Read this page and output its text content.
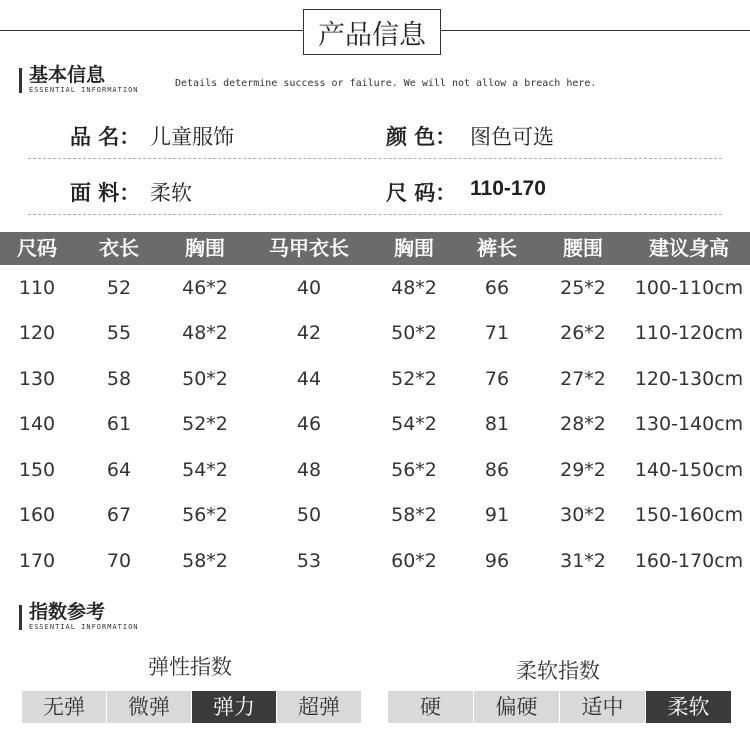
产品信息
基本信息
ESSENTIAL INFORMATION
Details determine success or failure. We will not allow a breach here.
品 名： 儿童服饰	颜 色： 图色可选
面 料： 柔软	尺 码： 110-170
尺码	衣长	胸围	马甲衣长	胸围	裤长	腰围	建议身高
110	52	46*2	40	48*2	66	25*2	100-110cm
120	55	48*2	42	50*2	71	26*2	110-120cm
130	58	50*2	44	52*2	76	27*2	120-130cm
140	61	52*2	46	54*2	81	28*2	130-140cm
150	64	54*2	48	56*2	86	29*2	140-150cm
160	67	56*2	50	58*2	91	30*2	150-160cm
170	70	58*2	53	60*2	96	31*2	160-170cm
指数参考
ESSENTIAL INFORMATION
弹性指数
无弹	微弹	弹力	超弹
柔软指数
硬	偏硬	适中	柔软
